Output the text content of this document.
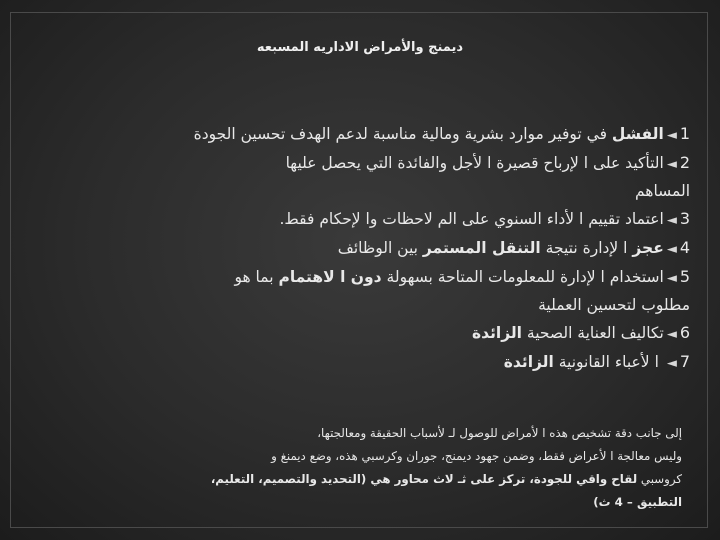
ديمنج والأمراض الاداريه المسبعه
1◄الفشل في توفير موارد بشرية ومالية مناسبة لدعم الهدف تحسين الجودة
2◄التأكيد على ا لإرباح قصيرة ا لأجل والفائدة التي يحصل عليها
المساهم
3◄اعتماد تقييم ا لأداء السنوي على الم لاحظات وا لإحكام فقط.
4◄عجز ا لإدارة نتيجة التنقل المستمر بين الوظائف
5◄استخدام ا لإدارة للمعلومات المتاحة بسهولة دون ا لاهتمام بما هو
مطلوب لتحسين العملية
6◄تكاليف العناية الصحية الزائدة
7◄ ا لأعباء القانونية الزائدة
إلى جانب دقة تشخيص هذه ا لأمراض للوصول لـ لأسباب الحقيقة ومعالجتها،
وليس معالجة ا لأعراض فقط، وضمن جهود ديمنج، جوران وكرسبي هذه، وضع ديمنغ و
كروسبي لقاح واقي للجودة، تركز على ثـ لاث محاور هي (التحديد والتصميم، التعليم،
التطبيق – 4 ث)
